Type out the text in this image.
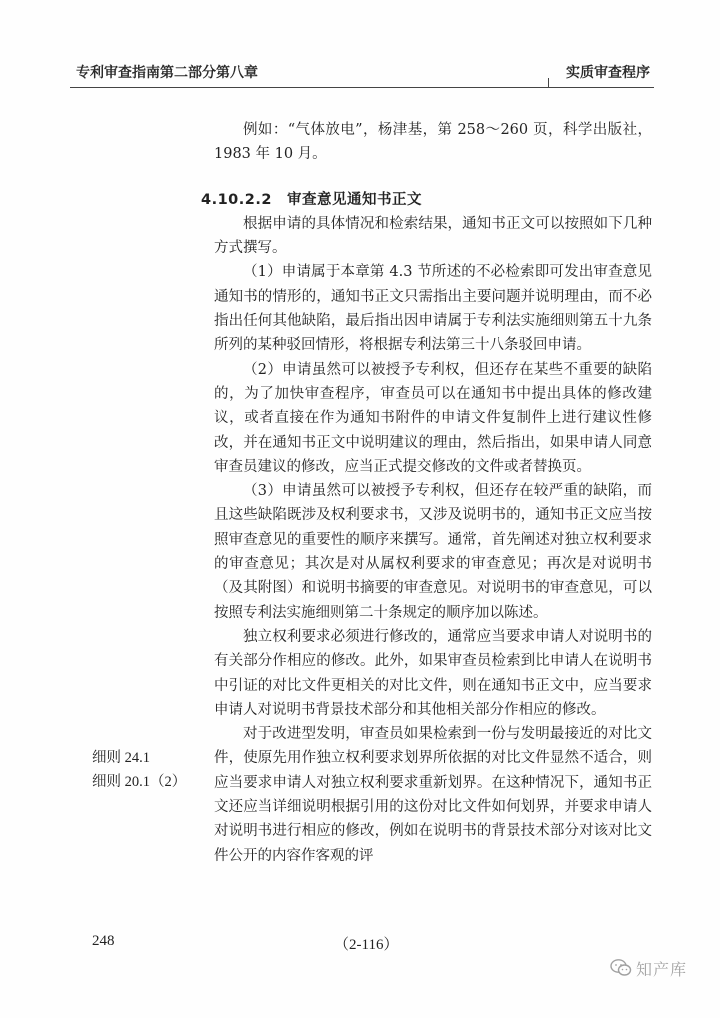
专利审查指南第二部分第八章	实质审查程序

例如：“气体放电”，杨津基，第 258～260 页，科学出版社，1983 年 10 月。

4.10.2.2　审查意见通知书正文

根据申请的具体情况和检索结果，通知书正文可以按照如下几种方式撰写。

（1）申请属于本章第 4.3 节所述的不必检索即可发出审查意见通知书的情形的，通知书正文只需指出主要问题并说明理由，而不必指出任何其他缺陷，最后指出因申请属于专利法实施细则第五十九条所列的某种驳回情形，将根据专利法第三十八条驳回申请。

（2）申请虽然可以被授予专利权，但还存在某些不重要的缺陷的，为了加快审查程序，审查员可以在通知书中提出具体的修改建议，或者直接在作为通知书附件的申请文件复制件上进行建议性修改，并在通知书正文中说明建议的理由，然后指出，如果申请人同意审查员建议的修改，应当正式提交修改的文件或者替换页。

（3）申请虽然可以被授予专利权，但还存在较严重的缺陷，而且这些缺陷既涉及权利要求书，又涉及说明书的，通知书正文应当按照审查意见的重要性的顺序来撰写。通常，首先阐述对独立权利要求的审查意见；其次是对从属权利要求的审查意见；再次是对说明书（及其附图）和说明书摘要的审查意见。对说明书的审查意见，可以按照专利法实施细则第二十条规定的顺序加以陈述。

独立权利要求必须进行修改的，通常应当要求申请人对说明书的有关部分作相应的修改。此外，如果审查员检索到比申请人在说明书中引证的对比文件更相关的对比文件，则在通知书正文中，应当要求申请人对说明书背景技术部分和其他相关部分作相应的修改。

对于改进型发明，审查员如果检索到一份与发明最接近的对比文件，使原先用作独立权利要求划界所依据的对比文件显然不适合，则应当要求申请人对独立权利要求重新划界。在这种情况下，通知书正文还应当详细说明根据引用的这份对比文件如何划界，并要求申请人对说明书进行相应的修改，例如在说明书的背景技术部分对该对比文件公开的内容作客观的评

细则 24.1
细则 20.1（2）
248	（2-116）
知产库
